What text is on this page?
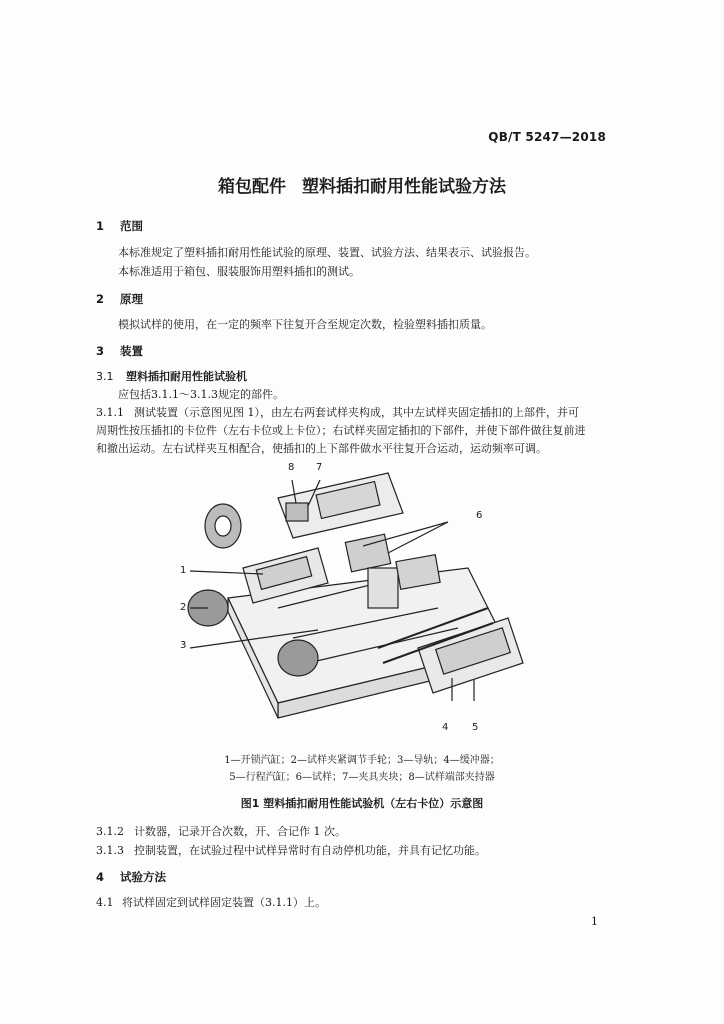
QB/T 5247—2018
箱包配件 塑料插扣耐用性能试验方法
1 范围
本标准规定了塑料插扣耐用性能试验的原理、装置、试验方法、结果表示、试验报告。
本标准适用于箱包、服装服饰用塑料插扣的测试。
2 原理
模拟试样的使用，在一定的频率下往复开合至规定次数，检验塑料插扣质量。
3 装置
3.1 塑料插扣耐用性能试验机
应包括3.1.1～3.1.3规定的部件。
3.1.1 测试装置（示意图见图 1），由左右两套试样夹构成，其中左试样夹固定插扣的上部件，并可
周期性按压插扣的卡位件（左右卡位或上卡位）；右试样夹固定插扣的下部件，并使下部件做往复前进
和撤出运动。左右试样夹互相配合，使插扣的上下部件做水平往复开合运动，运动频率可调。
1
2
3
4 5
6
7
8
1—开锁汽缸；2—试样夹紧调节手轮；3—导轨；4—缓冲器；
5—行程汽缸；6—试样；7—夹具夹块；8—试样端部夹持器
图1 塑料插扣耐用性能试验机（左右卡位）示意图
3.1.2 计数器，记录开合次数，开、合记作 1 次。
3.1.3 控制装置，在试验过程中试样异常时有自动停机功能，并具有记忆功能。
4 试验方法
4.1 将试样固定到试样固定装置（3.1.1）上。
1
